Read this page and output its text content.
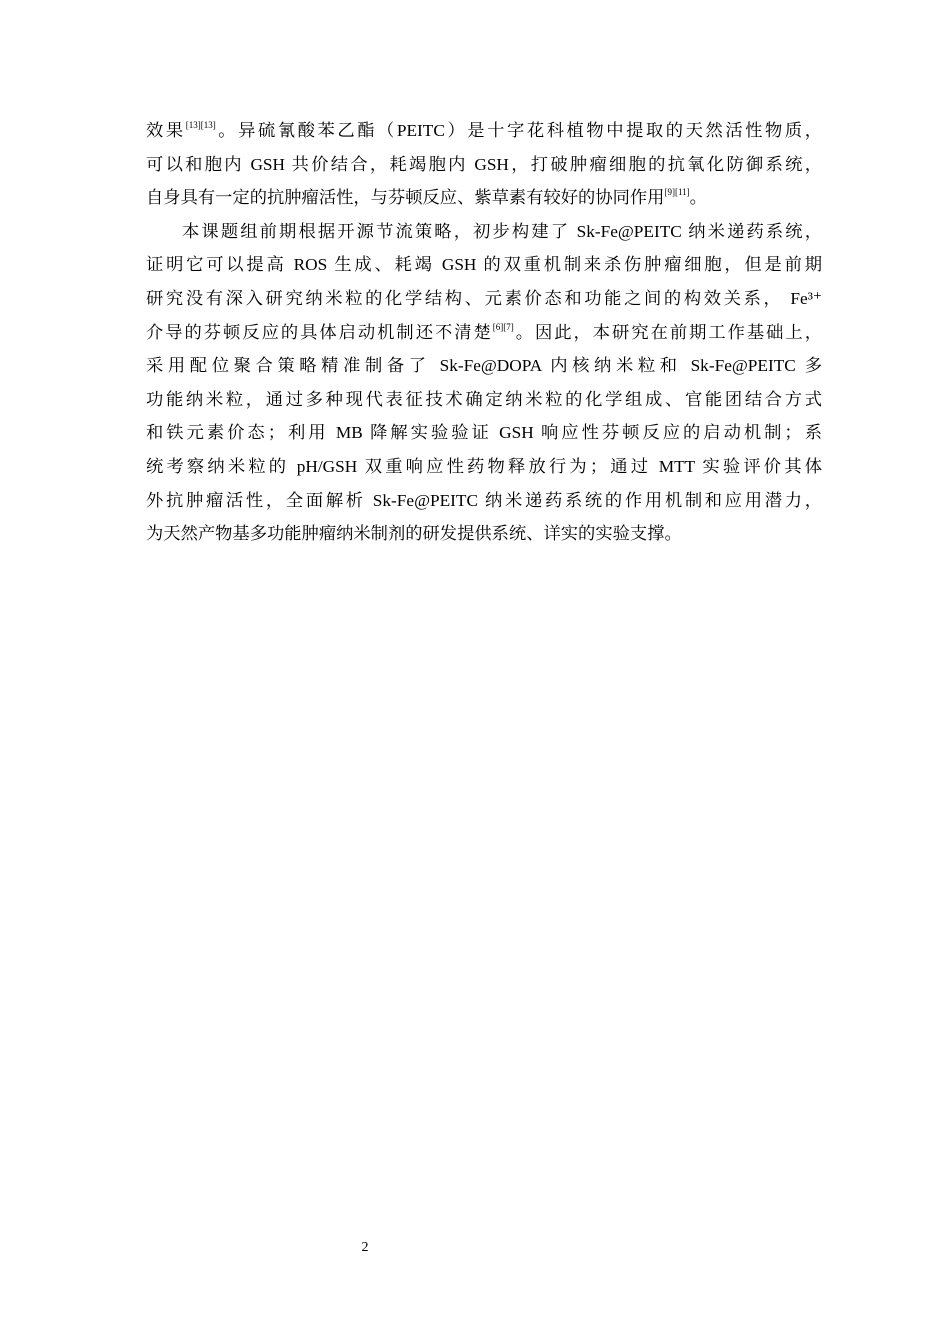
效果[13][13]。异硫氰酸苯乙酯（PEITC）是十字花科植物中提取的天然活性物质，
可以和胞内 GSH 共价结合，耗竭胞内 GSH，打破肿瘤细胞的抗氧化防御系统，
自身具有一定的抗肿瘤活性，与芬顿反应、紫草素有较好的协同作用[9][11]。
本课题组前期根据开源节流策略，初步构建了 Sk-Fe@PEITC 纳米递药系统，
证明它可以提高 ROS 生成、耗竭 GSH 的双重机制来杀伤肿瘤细胞，但是前期
研究没有深入研究纳米粒的化学结构、元素价态和功能之间的构效关系， Fe³⁺
介导的芬顿反应的具体启动机制还不清楚[6][7]。因此，本研究在前期工作基础上，
采用配位聚合策略精准制备了 Sk-Fe@DOPA 内核纳米粒和 Sk-Fe@PEITC 多
功能纳米粒，通过多种现代表征技术确定纳米粒的化学组成、官能团结合方式
和铁元素价态；利用 MB 降解实验验证 GSH 响应性芬顿反应的启动机制；系
统考察纳米粒的 pH/GSH 双重响应性药物释放行为；通过 MTT 实验评价其体
外抗肿瘤活性，全面解析 Sk-Fe@PEITC 纳米递药系统的作用机制和应用潜力，
为天然产物基多功能肿瘤纳米制剂的研发提供系统、详实的实验支撑。
2
